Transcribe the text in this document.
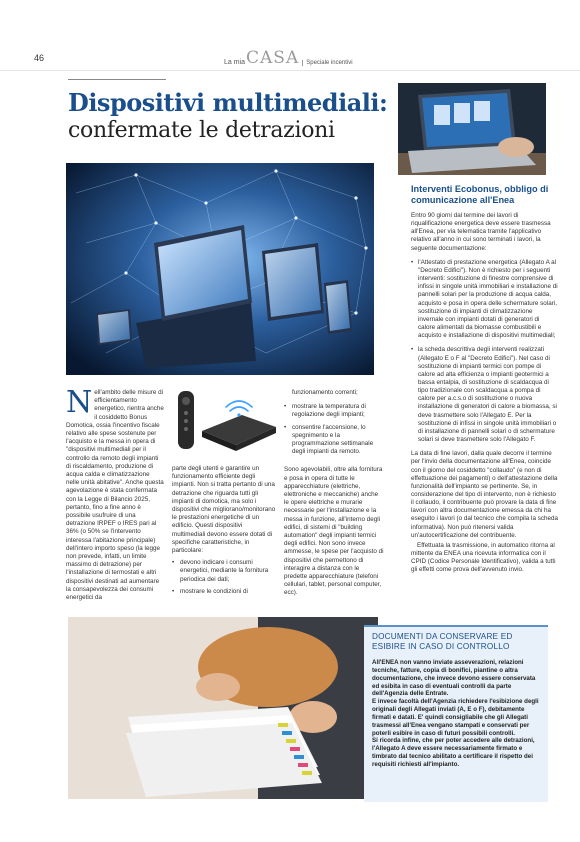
46	La mia CASA	Speciale incentivi
Dispositivi multimediali:
confermate le detrazioni
N ell'ambito delle misure di efficientamento energetico, rientra anche il cosiddetto Bonus Domotica, ossia l'incentivo fiscale relativo alle spese sostenute per l'acquisto e la messa in opera di "dispositivi multimediali per il controllo da remoto degli impianti di riscaldamento, produzione di acqua calda e climatizzazione nelle unità abitative". Anche questa agevolazione è stata confermata con la Legge di Bilancio 2025, pertanto, fino a fine anno è possibile usufruire di una detrazione IRPEF o IRES pari al 36% (o 50% se l'intervento interessa l'abitazione principale) dell'intero importo speso (la legge non prevede, infatti, un limite massimo di detrazione) per l'installazione di termostati e altri dispositivi destinati ad aumentare la consapevolezza dei consumi energetici da

parte degli utenti e garantire un funzionamento efficiente degli impianti. Non si tratta pertanto di una detrazione che riguarda tutti gli impianti di domotica, ma solo i dispositivi che migliorano/monitorano le prestazioni energetiche di un edificio. Questi dispositivi multimediali devono essere dotati di specifiche caratteristiche, in particolare:

• devono indicare i consumi energetici, mediante la fornitura periodica dei dati;
• mostrare le condizioni di

funzionamento correnti;

• mostrare la temperatura di regolazione degli impianti;
• consentire l'accensione, lo spegnimento e la programmazione settimanale degli impianti da remoto.

Sono agevolabili, oltre alla fornitura e posa in opera di tutte le apparecchiature (elettriche, elettroniche e meccaniche) anche le opere elettriche e murarie necessarie per l'installazione e la messa in funzione, all'interno degli edifici, di sistemi di "building automation" degli impianti termici degli edifici. Non sono invece ammesse, le spese per l'acquisto di dispositivi che permettono di interagire a distanza con le predette apparecchiature (telefoni cellulari, tablet, personal computer, ecc).

Interventi Ecobonus, obbligo di comunicazione all'Enea

Entro 90 giorni dal termine dei lavori di riqualificazione energetica deve essere trasmessa all'Enea, per via telematica tramite l'applicativo relativo all'anno in cui sono terminati i lavori, la seguente documentazione:

• l'Attestato di prestazione energetica (Allegato A al "Decreto Edifici"). Non è richiesto per i seguenti interventi: sostituzione di finestre comprensive di infissi in singole unità immobiliari e installazione di pannelli solari per la produzione di acqua calda, acquisto e posa in opera delle schermature solari, sostituzione di impianti di climatizzazione invernale con impianti dotati di generatori di calore alimentati da biomasse combustibili e acquisto e installazione di dispositivi multimediali;
• la scheda descrittiva degli interventi realizzati (Allegato E o F al "Decreto Edifici"). Nel caso di sostituzione di impianti termici con pompe di calore ad alta efficienza o impianti geotermici a bassa entalpia, di sostituzione di scaldacqua di tipo tradizionale con scaldacqua a pompa di calore per a.c.s.o di sostituzione o nuova installazione di generatori di calore a biomassa, si deve trasmettere solo l'Allegato E. Per la sostituzione di infissi in singole unità immobiliari o di installazione di pannelli solari o di schermature solari si deve trasmettere solo l'Allegato F.

La data di fine lavori, dalla quale decorre il termine per l'invio della documentazione all'Enea, coincide con il giorno del cosiddetto "collaudo" (e non di effettuazione dei pagamenti) o dell'attestazione della funzionalità dell'impianto se pertinente. Se, in considerazione del tipo di intervento, non è richiesto il collaudo, il contribuente può provare la data di fine lavori con altra documentazione emessa da chi ha eseguito i lavori (o dal tecnico che compila la scheda informativa). Non può ritenersi valida un'autocertificazione del contribuente.

Effettuata la trasmissione, in automatico ritorna al mittente da ENEA una ricevuta informatica con il CPID (Codice Personale Identificativo), valida a tutti gli effetti come prova dell'avvenuto invio.

DOCUMENTI DA CONSERVARE ED ESIBIRE IN CASO DI CONTROLLO
All'ENEA non vanno inviate asseverazioni, relazioni tecniche, fatture, copia di bonifici, piantine o altra documentazione, che invece devono essere conservata ed esibita in caso di eventuali controlli da parte dell'Agenzia delle Entrate.
E invece facoltà dell'Agenzia richiedere l'esibizione degli originali degli Allegati inviati (A, E o F), debitamente firmati e datati. E' quindi consigliabile che gli Allegati trasmessi all'Enea vengano stampati e conservati per poterli esibire in caso di futuri possibili controlli.
Si ricorda infine, che per poter accedere alle detrazioni, l'Allegato A deve essere necessariamente firmato e timbrato dal tecnico abilitato a certificare il rispetto dei requisiti richiesti all'impianto.
